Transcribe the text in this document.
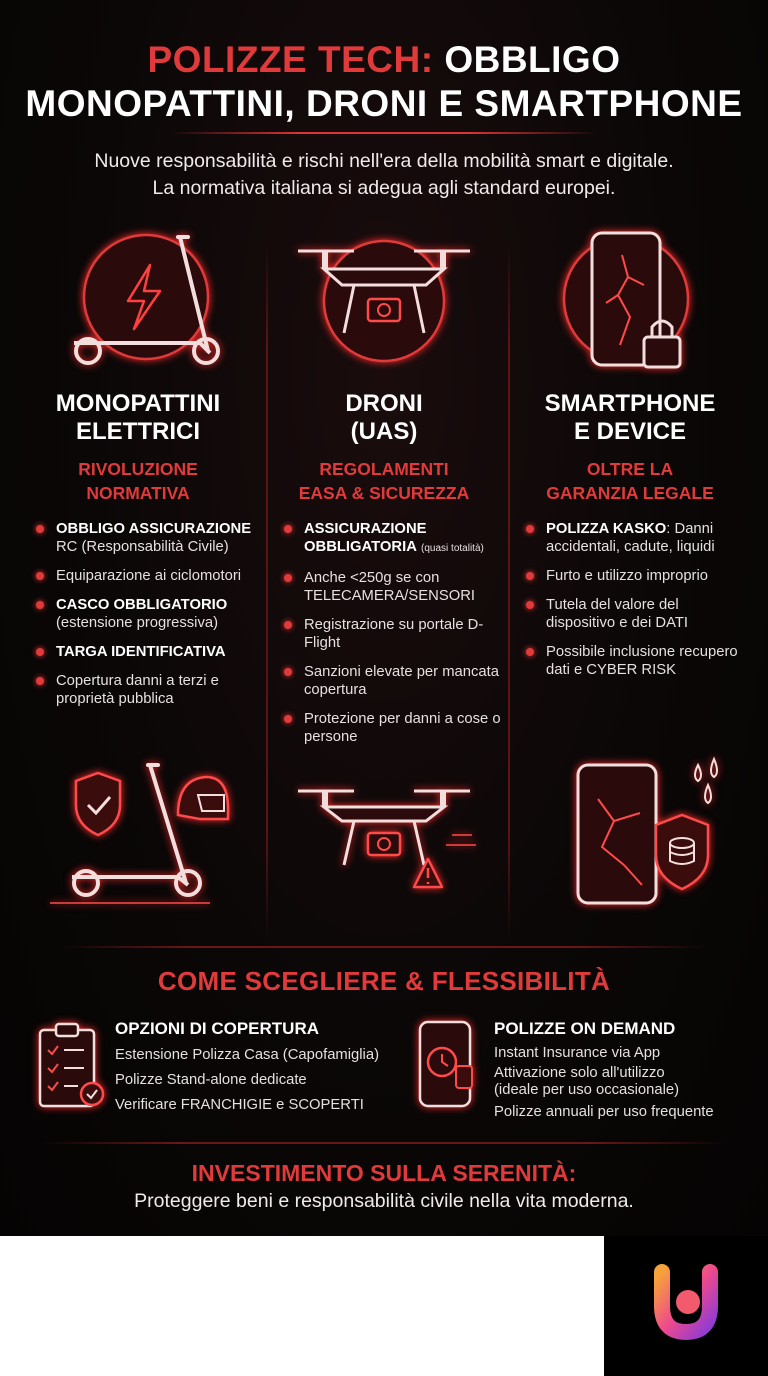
POLIZZE TECH: OBBLIGO
MONOPATTINI, DRONI E SMARTPHONE
Nuove responsabilità e rischi nell'era della mobilità smart e digitale.
La normativa italiana si adegua agli standard europei.
MONOPATTINI
ELETTRICI
RIVOLUZIONE
NORMATIVA
OBBLIGO ASSICURAZIONE
RC (Responsabilità Civile)
Equiparazione ai ciclomotori
CASCO OBBLIGATORIO
(estensione progressiva)
TARGA IDENTIFICATIVA
Copertura danni a terzi e proprietà pubblica
DRONI
(UAS)
REGOLAMENTI
EASA & SICUREZZA
ASSICURAZIONE OBBLIGATORIA (quasi totalità)
Anche <250g se con TELECAMERA/SENSORI
Registrazione su portale D-Flight
Sanzioni elevate per mancata copertura
Protezione per danni a cose o persone
SMARTPHONE
E DEVICE
OLTRE LA
GARANZIA LEGALE
POLIZZA KASKO: Danni accidentali, cadute, liquidi
Furto e utilizzo improprio
Tutela del valore del dispositivo e dei DATI
Possibile inclusione recupero dati e CYBER RISK
COME SCEGLIERE & FLESSIBILITÀ
OPZIONI DI COPERTURA
Estensione Polizza Casa (Capofamiglia)
Polizze Stand-alone dedicate
Verificare FRANCHIGIE e SCOPERTI
POLIZZE ON DEMAND
Instant Insurance via App
Attivazione solo all'utilizzo
(ideale per uso occasionale)
Polizze annuali per uso frequente
INVESTIMENTO SULLA SERENITÀ:
Proteggere beni e responsabilità civile nella vita moderna.
